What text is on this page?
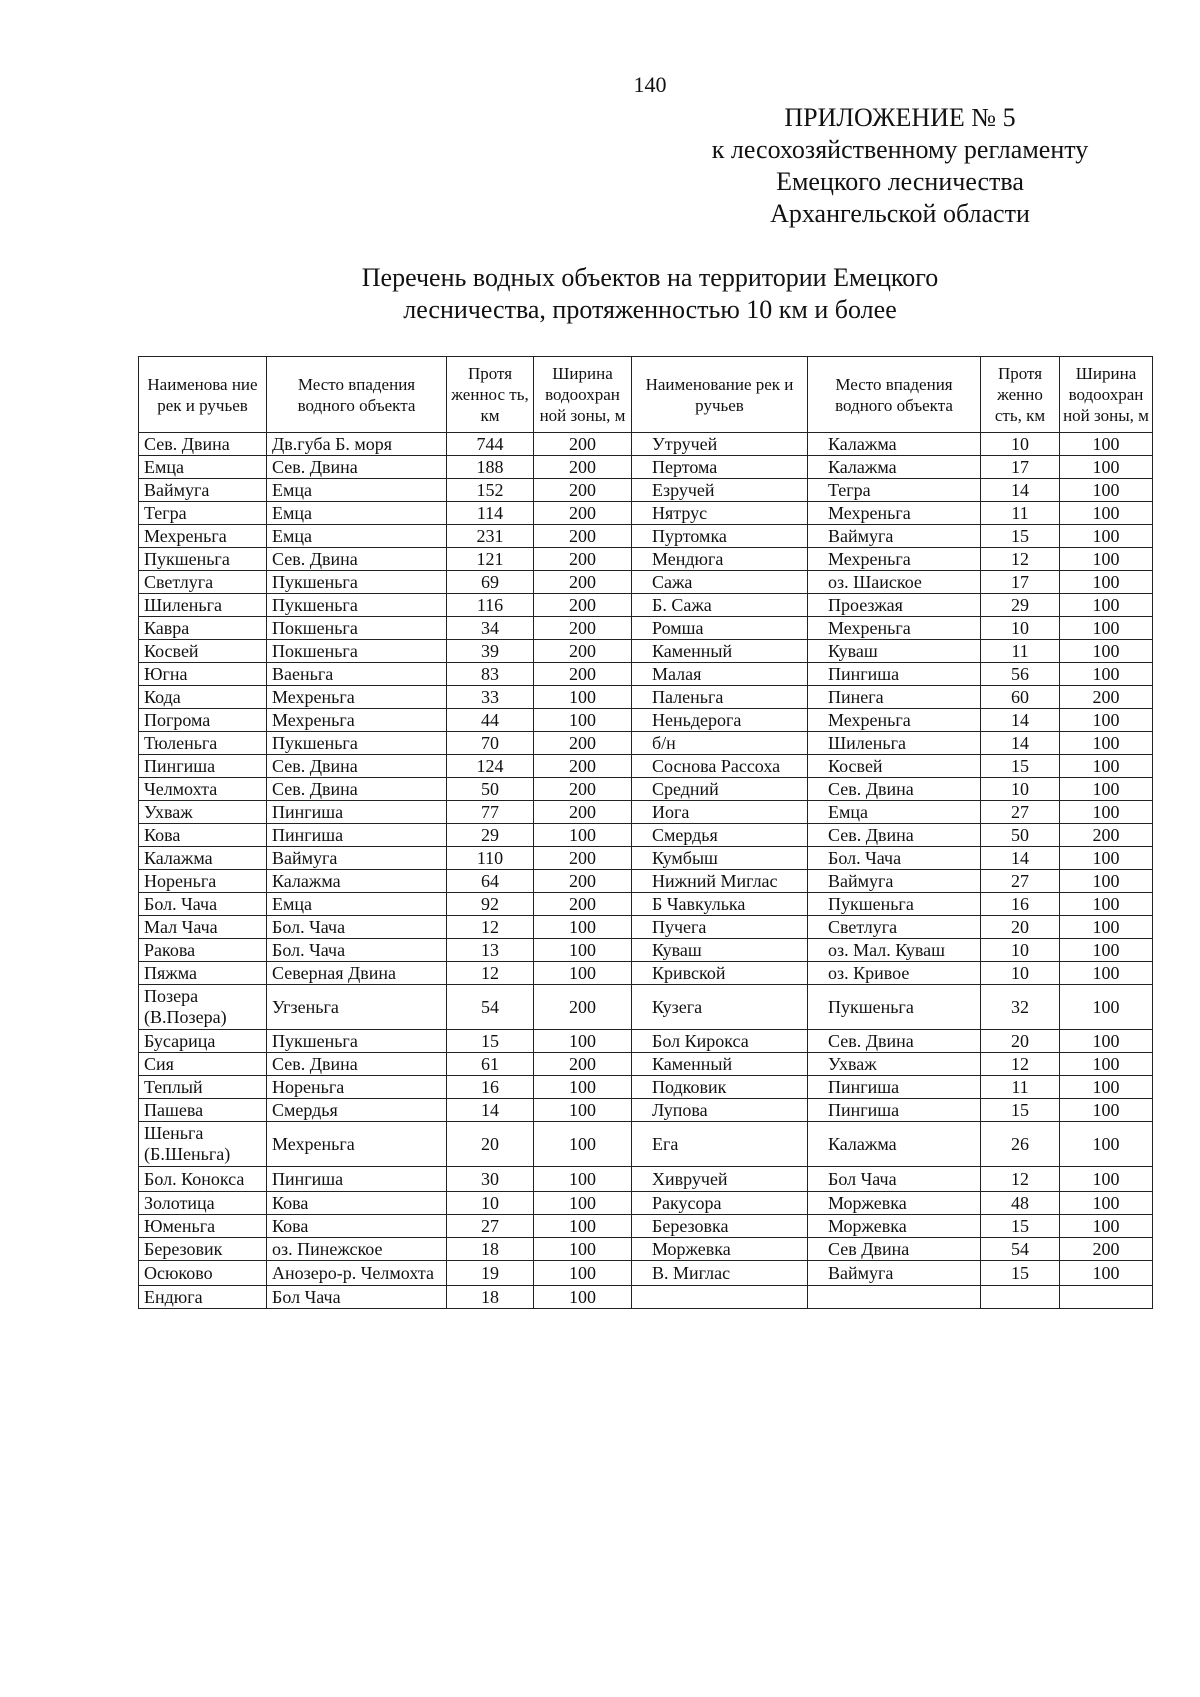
140
ПРИЛОЖЕНИЕ № 5
к лесохозяйственному регламенту
Емецкого лесничества
Архангельской области
Перечень водных объектов на территории Емецкого
лесничества, протяженностью 10 км и более
Наименова ние рек и ручьев	Место впадения водного объекта	Протя женнос ть, км	Ширина водоохран ной зоны, м	Наименование рек и ручьев	Место впадения водного объекта	Протя женно сть, км	Ширина водоохран ной зоны, м
Сев. Двина	Дв.губа Б. моря	744	200	Утручей	Калажма	10	100
Емца	Сев. Двина	188	200	Пертома	Калажма	17	100
Ваймуга	Емца	152	200	Езручей	Тегра	14	100
Тегра	Емца	114	200	Нятрус	Мехреньга	11	100
Мехреньга	Емца	231	200	Пуртомка	Ваймуга	15	100
Пукшеньга	Сев. Двина	121	200	Мендюга	Мехреньга	12	100
Светлуга	Пукшеньга	69	200	Сажа	оз. Шаиское	17	100
Шиленьга	Пукшеньга	116	200	Б. Сажа	Проезжая	29	100
Кавра	Покшеньга	34	200	Ромша	Мехреньга	10	100
Косвей	Покшеньга	39	200	Каменный	Куваш	11	100
Югна	Ваеньга	83	200	Малая	Пингиша	56	100
Кода	Мехреньга	33	100	Паленьга	Пинега	60	200
Погрома	Мехреньга	44	100	Неньдерога	Мехреньга	14	100
Тюленьга	Пукшеньга	70	200	б/н	Шиленьга	14	100
Пингиша	Сев. Двина	124	200	Соснова Рассоха	Косвей	15	100
Челмохта	Сев. Двина	50	200	Средний	Сев. Двина	10	100
Ухваж	Пингиша	77	200	Иога	Емца	27	100
Кова	Пингиша	29	100	Смердья	Сев. Двина	50	200
Калажма	Ваймуга	110	200	Кумбыш	Бол. Чача	14	100
Нореньга	Калажма	64	200	Нижний Миглас	Ваймуга	27	100
Бол. Чача	Емца	92	200	Б Чавкулька	Пукшеньга	16	100
Мал Чача	Бол. Чача	12	100	Пучега	Светлуга	20	100
Ракова	Бол. Чача	13	100	Куваш	оз. Мал. Куваш	10	100
Пяжма	Северная Двина	12	100	Кривской	оз. Кривое	10	100
Позера (В.Позера)	Угзеньга	54	200	Кузега	Пукшеньга	32	100
Бусарица	Пукшеньга	15	100	Бол Кирокса	Сев. Двина	20	100
Сия	Сев. Двина	61	200	Каменный	Ухваж	12	100
Теплый	Нореньга	16	100	Подковик	Пингиша	11	100
Пашева	Смердья	14	100	Лупова	Пингиша	15	100
Шеньга (Б.Шеньга)	Мехреньга	20	100	Ега	Калажма	26	100
Бол. Конокса	Пингиша	30	100	Хивручей	Бол Чача	12	100
Золотица	Кова	10	100	Ракусора	Моржевка	48	100
Юменьга	Кова	27	100	Березовка	Моржевка	15	100
Березовик	оз. Пинежское	18	100	Моржевка	Сев Двина	54	200
Осюково	Анозеро-р. Челмохта	19	100	В. Миглас	Ваймуга	15	100
Ендюга	Бол Чача	18	100				
